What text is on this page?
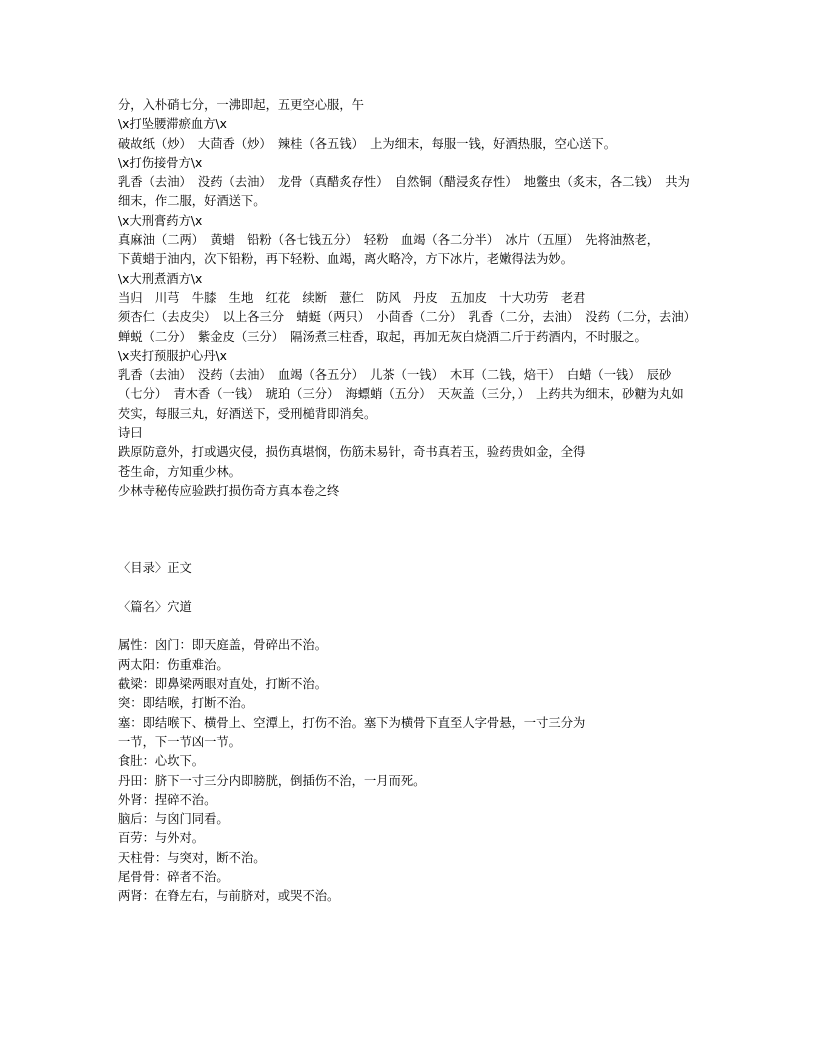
分，入朴硝七分，一沸即起，五更空心服，午

\x打坠腰滞瘀血方\x

破故纸（炒）　大茴香（炒）　辣桂（各五钱）　上为细末，每服一钱，好酒热服，空心送下。

\x打伤接骨方\x

乳香（去油）　没药（去油）　龙骨（真醋炙存性）　自然铜（醋浸炙存性）　地鳖虫（炙末，各二钱）　共为细末，作二服，好酒送下。

\x大刑膏药方\x

真麻油（二两）　黄蜡　铅粉（各七钱五分）　轻粉　血竭（各二分半）　冰片（五厘）　先将油熬老，

下黄蜡于油内，次下铅粉，再下轻粉、血竭，离火略冷，方下冰片，老嫩得法为妙。

\x大刑煮酒方\x

当归　川芎　牛膝　生地　红花　续断　薏仁　防风　丹皮　五加皮　十大功劳　老君

须杏仁（去皮尖）　以上各三分　蜻蜓（两只）　小茴香（二分）　乳香（二分，去油）　没药（二分，去油）

蝉蜕（二分）　紫金皮（三分）　隔汤煮三柱香，取起，再加无灰白烧酒二斤于药酒内，不时服之。

\x夹打预服护心丹\x

乳香（去油）　没药（去油）　血竭（各五分）　儿茶（一钱）　木耳（二钱，焙干）　白蜡（一钱）　辰砂

（七分）　青木香（一钱）　琥珀（三分）　海螵蛸（五分）　天灰盖（三分，）　上药共为细末，砂糖为丸如

芡实，每服三丸，好酒送下，受刑槌背即消矣。

诗曰

跌原防意外，打或遇灾侵，损伤真堪悯，伤筋未易针，奇书真若玉，验药贵如金，全得

苍生命，方知重少林。

少林寺秘传应验跌打损伤奇方真本卷之终

〈目录〉正文

〈篇名〉穴道

属性：囟门：即天庭盖，骨碎出不治。

两太阳：伤重难治。

截梁：即鼻梁两眼对直处，打断不治。

突：即结喉，打断不治。

塞：即结喉下、横骨上、空潭上，打伤不治。塞下为横骨下直至人字骨悬，一寸三分为

一节，下一节凶一节。

食肚：心坎下。

丹田：脐下一寸三分内即膀胱，倒插伤不治，一月而死。

外肾：捏碎不治。

脑后：与囟门同看。

百劳：与外对。

天柱骨：与突对，断不治。

尾骨骨：碎者不治。

两肾：在脊左右，与前脐对，或哭不治。
